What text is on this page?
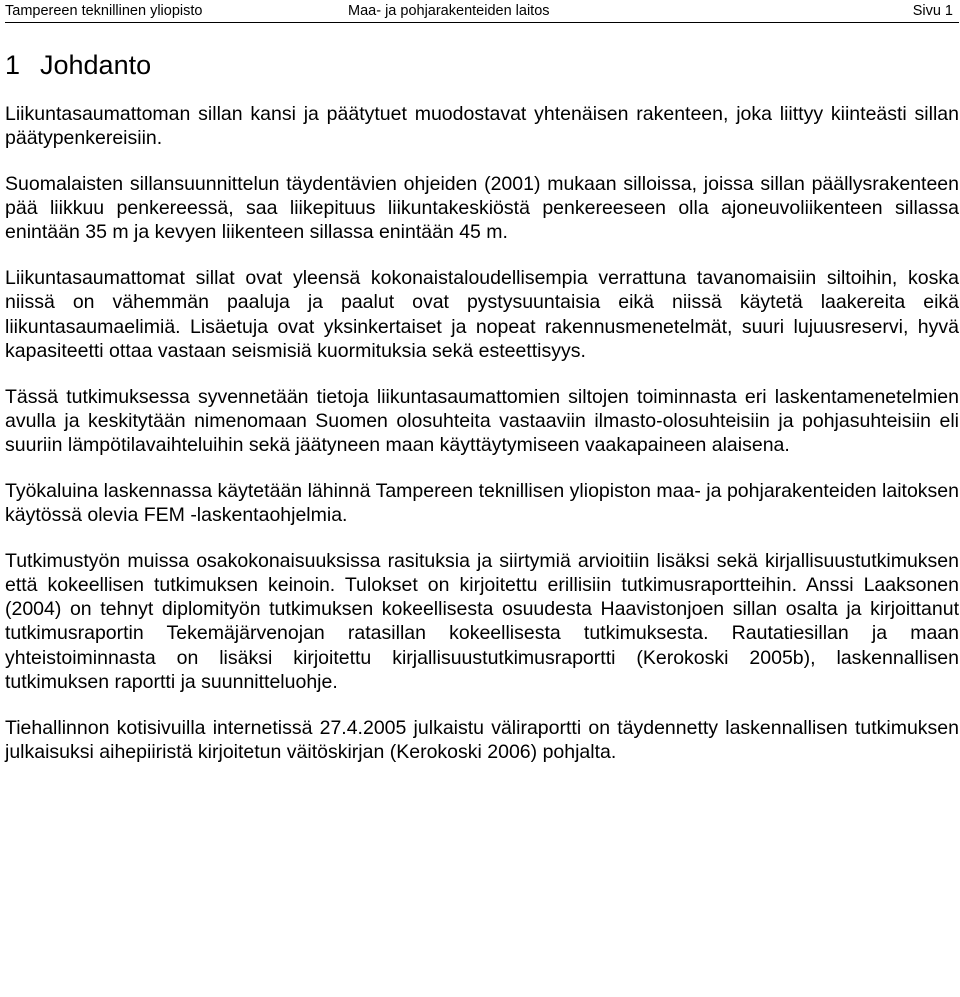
Tampereen teknillinen yliopisto	Maa- ja pohjarakenteiden laitos	Sivu 1
1 Johdanto

Liikuntasaumattoman sillan kansi ja päätytuet muodostavat yhtenäisen rakenteen, joka liittyy kiinteästi sillan päätypenkereisiin.

Suomalaisten sillansuunnittelun täydentävien ohjeiden (2001) mukaan silloissa, joissa sillan päällysrakenteen pää liikkuu penkereessä, saa liikepituus liikuntakeskiöstä penkereeseen olla ajoneuvoliikenteen sillassa enintään 35 m ja kevyen liikenteen sillassa enintään 45 m.

Liikuntasaumattomat sillat ovat yleensä kokonaistaloudellisempia verrattuna tavanomaisiin siltoihin, koska niissä on vähemmän paaluja ja paalut ovat pystysuuntaisia eikä niissä käytetä laakereita eikä liikuntasaumaelimiä. Lisäetuja ovat yksinkertaiset ja nopeat rakennusmenetelmät, suuri lujuusreservi, hyvä kapasiteetti ottaa vastaan seismisiä kuormituksia sekä esteettisyys.

Tässä tutkimuksessa syvennetään tietoja liikuntasaumattomien siltojen toiminnasta eri laskentamenetelmien avulla ja keskitytään nimenomaan Suomen olosuhteita vastaaviin ilmasto-olosuhteisiin ja pohjasuhteisiin eli suuriin lämpötilavaihteluihin sekä jäätyneen maan käyttäytymiseen vaakapaineen alaisena.

Työkaluina laskennassa käytetään lähinnä Tampereen teknillisen yliopiston maa- ja pohjarakenteiden laitoksen käytössä olevia FEM -laskentaohjelmia.

Tutkimustyön muissa osakokonaisuuksissa rasituksia ja siirtymiä arvioitiin lisäksi sekä kirjallisuustutkimuksen että kokeellisen tutkimuksen keinoin. Tulokset on kirjoitettu erillisiin tutkimusraportteihin. Anssi Laaksonen (2004) on tehnyt diplomityön tutkimuksen kokeellisesta osuudesta Haavistonjoen sillan osalta ja kirjoittanut tutkimusraportin Tekemäjärvenojan ratasillan kokeellisesta tutkimuksesta. Rautatiesillan ja maan yhteistoiminnasta on lisäksi kirjoitettu kirjallisuustutkimusraportti (Kerokoski 2005b), laskennallisen tutkimuksen raportti ja suunnitteluohje.

Tiehallinnon kotisivuilla internetissä 27.4.2005 julkaistu väliraportti on täydennetty laskennallisen tutkimuksen julkaisuksi aihepiiristä kirjoitetun väitöskirjan (Kerokoski 2006) pohjalta.
